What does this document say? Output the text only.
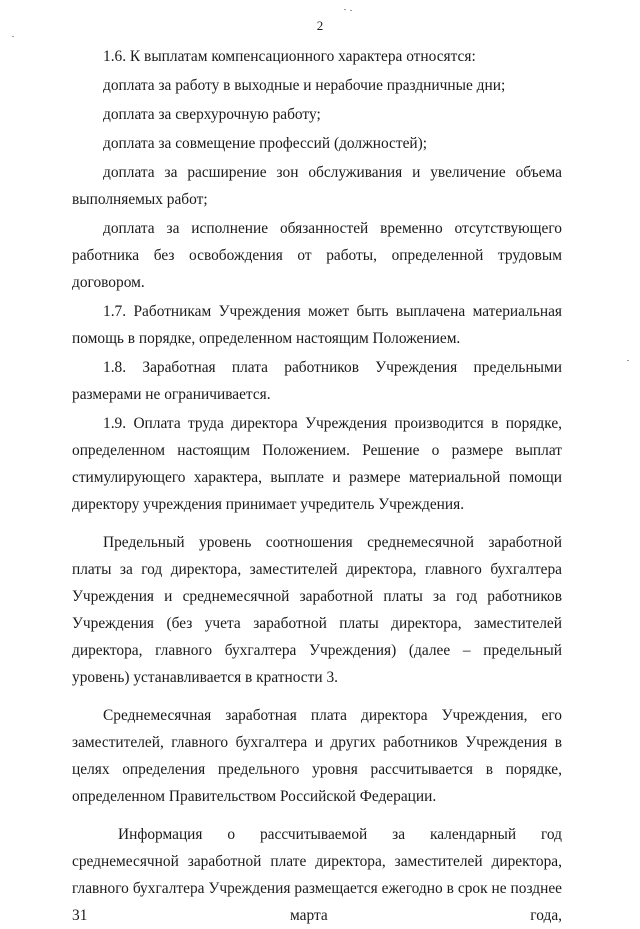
2

1.6. К выплатам компенсационного характера относятся:

доплата за работу в выходные и нерабочие праздничные дни;

доплата за сверхурочную работу;

доплата за совмещение профессий (должностей);

доплата за расширение зон обслуживания и увеличение объема выполняемых работ;

доплата за исполнение обязанностей временно отсутствующего работника без освобождения от работы, определенной трудовым договором.

1.7. Работникам Учреждения может быть выплачена материальная помощь в порядке, определенном настоящим Положением.

1.8. Заработная плата работников Учреждения предельными размерами не ограничивается.

1.9. Оплата труда директора Учреждения производится в порядке, определенном настоящим Положением. Решение о размере выплат стимулирующего характера, выплате и размере материальной помощи директору учреждения принимает учредитель Учреждения.

Предельный уровень соотношения среднемесячной заработной платы за год директора, заместителей директора, главного бухгалтера Учреждения и среднемесячной заработной платы за год работников Учреждения (без учета заработной платы директора, заместителей директора, главного бухгалтера Учреждения) (далее – предельный уровень) устанавливается в кратности 3.

Среднемесячная заработная плата директора Учреждения, его заместителей, главного бухгалтера и других работников Учреждения в целях определения предельного уровня рассчитывается в порядке, определенном Правительством Российской Федерации.

Информация о рассчитываемой за календарный год среднемесячной заработной плате директора, заместителей директора, главного бухгалтера Учреждения размещается ежегодно в срок не позднее 31 марта года,
